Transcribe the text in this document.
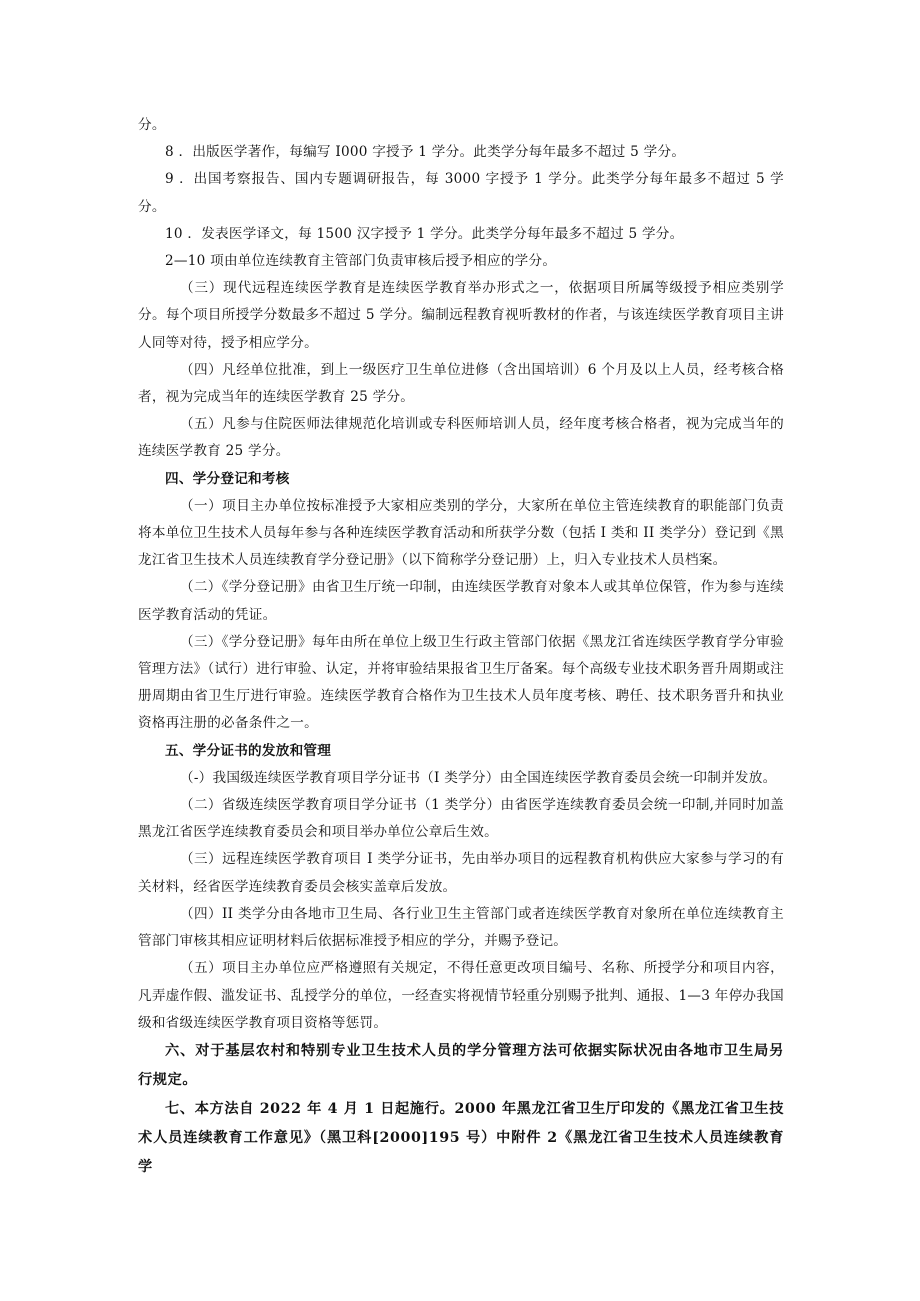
分。

8 ．出版医学著作，每编写 I000 字授予 1 学分。此类学分每年最多不超过 5 学分。

9 ．出国考察报告、国内专题调研报告，每 3000 字授予 1 学分。此类学分每年最多不超过 5 学分。

10 ．发表医学译文，每 1500 汉字授予 1 学分。此类学分每年最多不超过 5 学分。

2—10 项由单位连续教育主管部门负责审核后授予相应的学分。

（三）现代远程连续医学教育是连续医学教育举办形式之一，依据项目所属等级授予相应类别学分。每个项目所授学分数最多不超过 5 学分。编制远程教育视听教材的作者，与该连续医学教育项目主讲人同等对待，授予相应学分。

（四）凡经单位批准，到上一级医疗卫生单位进修（含出国培训）6 个月及以上人员，经考核合格者，视为完成当年的连续医学教育 25 学分。

（五）凡参与住院医师法律规范化培训或专科医师培训人员，经年度考核合格者，视为完成当年的连续医学教育 25 学分。

四、学分登记和考核

（一）项目主办单位按标准授予大家相应类别的学分，大家所在单位主管连续教育的职能部门负责将本单位卫生技术人员每年参与各种连续医学教育活动和所获学分数（包括 I 类和 II 类学分）登记到《黑龙江省卫生技术人员连续教育学分登记册》（以下简称学分登记册）上，归入专业技术人员档案。

（二）《学分登记册》由省卫生厅统一印制，由连续医学教育对象本人或其单位保管，作为参与连续医学教育活动的凭证。

（三）《学分登记册》每年由所在单位上级卫生行政主管部门依据《黑龙江省连续医学教育学分审验管理方法》（试行）进行审验、认定，并将审验结果报省卫生厅备案。每个高级专业技术职务晋升周期或注册周期由省卫生厅进行审验。连续医学教育合格作为卫生技术人员年度考核、聘任、技术职务晋升和执业资格再注册的必备条件之一。

五、学分证书的发放和管理

（-）我国级连续医学教育项目学分证书（I 类学分）由全国连续医学教育委员会统一印制并发放。

（二）省级连续医学教育项目学分证书（1 类学分）由省医学连续教育委员会统一印制,并同时加盖黑龙江省医学连续教育委员会和项目举办单位公章后生效。

（三）远程连续医学教育项目 I 类学分证书，先由举办项目的远程教育机构供应大家参与学习的有关材料，经省医学连续教育委员会核实盖章后发放。

（四）II 类学分由各地市卫生局、各行业卫生主管部门或者连续医学教育对象所在单位连续教育主管部门审核其相应证明材料后依据标准授予相应的学分，并赐予登记。

（五）项目主办单位应严格遵照有关规定，不得任意更改项目编号、名称、所授学分和项目内容，凡弄虚作假、滥发证书、乱授学分的单位，一经查实将视情节轻重分别赐予批判、通报、1—3 年停办我国级和省级连续医学教育项目资格等惩罚。

六、对于基层农村和特别专业卫生技术人员的学分管理方法可依据实际状况由各地市卫生局另行规定。

七、本方法自 2022 年 4 月 1 日起施行。2000 年黑龙江省卫生厅印发的《黑龙江省卫生技术人员连续教育工作意见》（黑卫科[2000]195 号）中附件 2《黑龙江省卫生技术人员连续教育学
